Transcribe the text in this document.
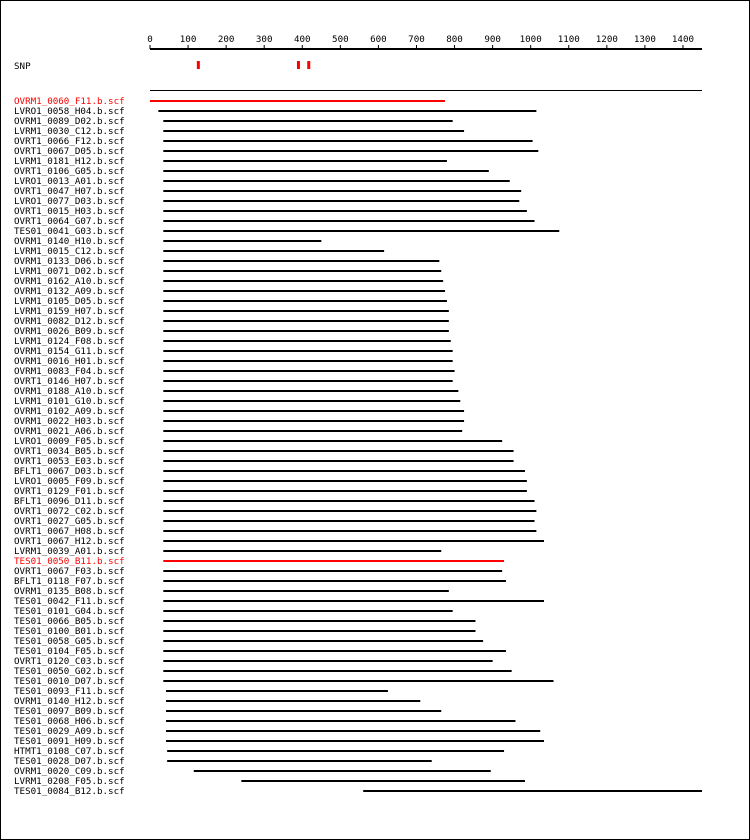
0	100 200 300 400 500 600 700 800 900 1000 1100 1200 1300 1400
SNP
OVRM1_0060_F11.b.scf
LVRO1_0058_H04.b.scf
OVRM1_0089_D02.b.scf
LVRM1_0030_C12.b.scf
OVRT1_0066_F12.b.scf
OVRT1_0067_D05.b.scf
LVRM1_0181_H12.b.scf
OVRT1_0106_G05.b.scf
LVRO1_0013_A01.b.scf
OVRT1_0047_H07.b.scf
LVRO1_0077_D03.b.scf
OVRT1_0015_H03.b.scf
OVRT1_0064_G07.b.scf
TES01_0041_G03.b.scf
OVRM1_0140_H10.b.scf
LVRM1_0015_C12.b.scf
OVRM1_0133_D06.b.scf
LVRM1_0071_D02.b.scf
OVRM1_0162_A10.b.scf
OVRM1_0132_A09.b.scf
LVRM1_0105_D05.b.scf
LVRM1_0159_H07.b.scf
OVRM1_0082_D12.b.scf
OVRM1_0026_B09.b.scf
LVRM1_0124_F08.b.scf
OVRM1_0154_G11.b.scf
OVRM1_0016_H01.b.scf
OVRM1_0083_F04.b.scf
OVRT1_0146_H07.b.scf
OVRM1_0188_A10.b.scf
LVRM1_0101_G10.b.scf
OVRM1_0102_A09.b.scf
OVRM1_0022_H03.b.scf
OVRM1_0021_A06.b.scf
LVRO1_0009_F05.b.scf
OVRT1_0034_B05.b.scf
OVRT1_0053_E03.b.scf
BFLT1_0067_D03.b.scf
LVRO1_0005_F09.b.scf
OVRT1_0129_F01.b.scf
BFLT1_0096_D11.b.scf
OVRT1_0072_C02.b.scf
OVRT1_0027_G05.b.scf
OVRT1_0067_H08.b.scf
OVRT1_0067_H12.b.scf
LVRM1_0039_A01.b.scf
TES01_0050_B11.b.scf
OVRT1_0067_F03.b.scf
BFLT1_0118_F07.b.scf
OVRM1_0135_B08.b.scf
TES01_0042_F11.b.scf
TES01_0101_G04.b.scf
TES01_0066_B05.b.scf
TES01_0100_B01.b.scf
TES01_0058_G05.b.scf
TES01_0104_F05.b.scf
OVRT1_0120_C03.b.scf
TES01_0050_G02.b.scf
TES01_0010_D07.b.scf
TES01_0093_F11.b.scf
OVRM1_0140_H12.b.scf
TES01_0097_B09.b.scf
TES01_0068_H06.b.scf
TES01_0029_A09.b.scf
TES01_0091_H09.b.scf
HTMT1_0108_C07.b.scf
TES01_0028_D07.b.scf
OVRM1_0020_C09.b.scf
LVRM1_0208_F05.b.scf
TES01_0084_B12.b.scf
